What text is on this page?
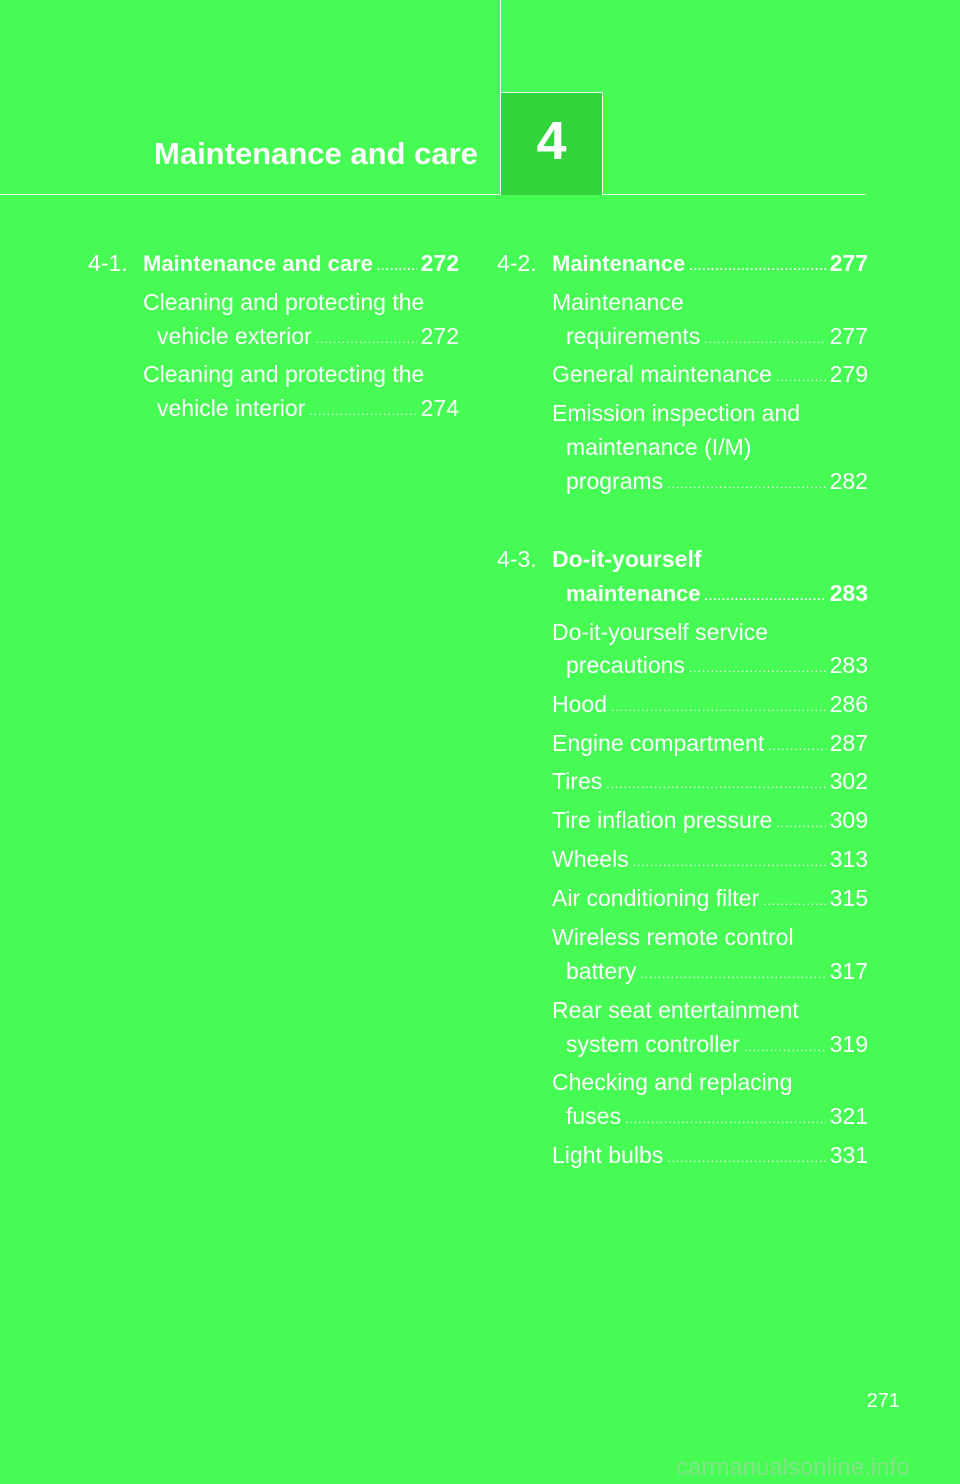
Maintenance and care	4
4-1. Maintenance and care ..... 272
Cleaning and protecting the
vehicle exterior .....	272
Cleaning and protecting the
vehicle interior .....	274
4-2. Maintenance .....	277
Maintenance
requirements .....	277
General maintenance .....	279
Emission inspection and
maintenance (I/M)
programs .....	282
4-3. Do-it-yourself
maintenance .....	283
Do-it-yourself service
precautions .....	283
Hood .....	286
Engine compartment .....	287
Tires .....	302
Tire inflation pressure ..... 309
Wheels .....	313
Air conditioning filter .....	315
Wireless remote control
battery .....	317
Rear seat entertainment
system controller .....	319
Checking and replacing
fuses .....	321
Light bulbs .....	331
271
carmanualsonline.info
